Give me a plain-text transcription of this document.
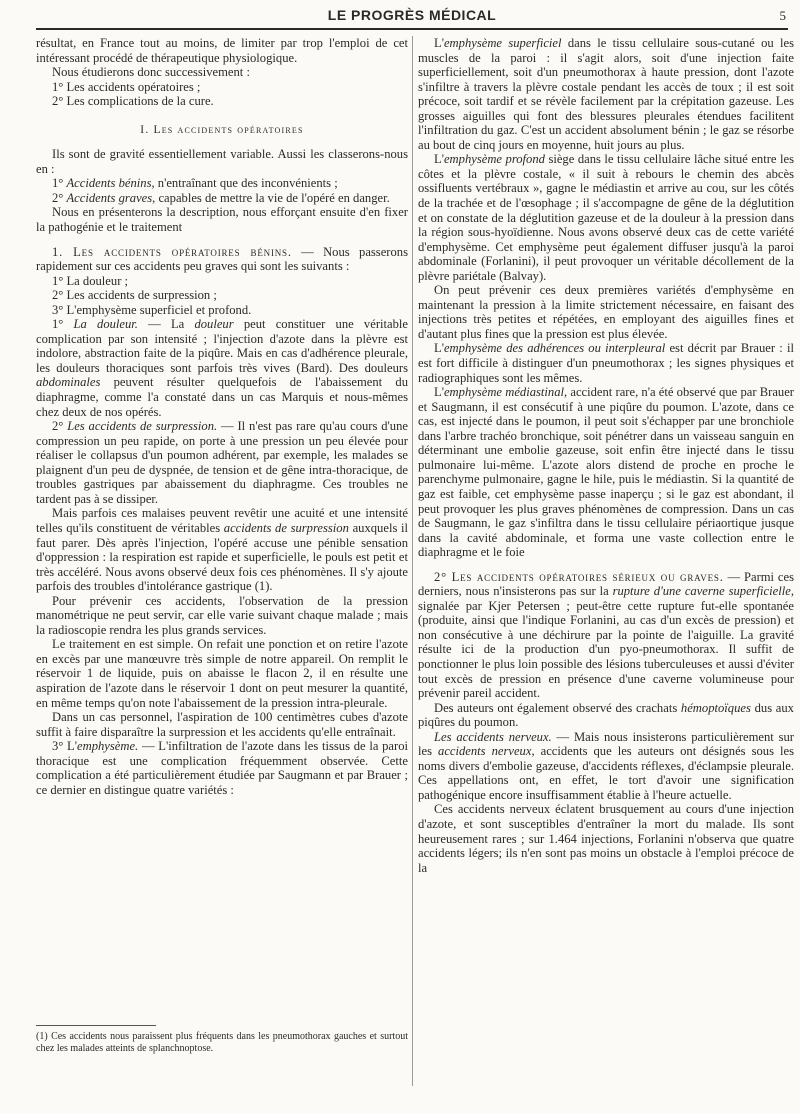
LE PROGRÈS MÉDICAL	5

résultat, en France tout au moins, de limiter par trop l'emploi de cet intéressant procédé de thérapeutique physiologique.

Nous étudierons donc successivement :

1° Les accidents opératoires ;

2° Les complications de la cure.

I. Les accidents opératoires

Ils sont de gravité essentiellement variable. Aussi les classerons-nous en :

1° Accidents bénins, n'entraînant que des inconvénients ;

2° Accidents graves, capables de mettre la vie de l'opéré en danger.

Nous en présenterons la description, nous efforçant ensuite d'en fixer la pathogénie et le traitement

1. Les accidents opératoires bénins. — Nous passerons rapidement sur ces accidents peu graves qui sont les suivants :

1° La douleur ;

2° Les accidents de surpression ;

3° L'emphysème superficiel et profond.

1° La douleur. — La douleur peut constituer une véritable complication par son intensité ; l'injection d'azote dans la plèvre est indolore, abstraction faite de la piqûre. Mais en cas d'adhérence pleurale, les douleurs thoraciques sont parfois très vives (Bard). Des douleurs abdominales peuvent résulter quelquefois de l'abaissement du diaphragme, comme l'a constaté dans un cas Marquis et nous-mêmes chez deux de nos opérés.

2° Les accidents de surpression. — Il n'est pas rare qu'au cours d'une compression un peu rapide, on porte à une pression un peu élevée pour réaliser le collapsus d'un poumon adhérent, par exemple, les malades se plaignent d'un peu de dyspnée, de tension et de gêne intra-thoracique, de troubles gastriques par abaissement du diaphragme. Ces troubles ne tardent pas à se dissiper.

Mais parfois ces malaises peuvent revêtir une acuité et une intensité telles qu'ils constituent de véritables accidents de surpression auxquels il faut parer. Dès après l'injection, l'opéré accuse une pénible sensation d'oppression : la respiration est rapide et superficielle, le pouls est petit et très accéléré. Nous avons observé deux fois ces phénomènes. Il s'y ajoute parfois des troubles d'intolérance gastrique (1).

Pour prévenir ces accidents, l'observation de la pression manométrique ne peut servir, car elle varie suivant chaque malade ; mais la radioscopie rendra les plus grands services.

Le traitement en est simple. On refait une ponction et on retire l'azote en excès par une manœuvre très simple de notre appareil. On remplit le réservoir 1 de liquide, puis on abaisse le flacon 2, il en résulte une aspiration de l'azote dans le réservoir 1 dont on peut mesurer la quantité, en même temps qu'on note l'abaissement de la pression intra-pleurale.

Dans un cas personnel, l'aspiration de 100 centimètres cubes d'azote suffit à faire disparaître la surpression et les accidents qu'elle entraînait.

3° L'emphysème. — L'infiltration de l'azote dans les tissus de la paroi thoracique est une complication fréquemment observée. Cette complication a été particulièrement étudiée par Saugmann et par Brauer ; ce dernier en distingue quatre variétés :

(1) Ces accidents nous paraissent plus fréquents dans les pneumothorax gauches et surtout chez les malades atteints de splanchnoptose.

L'emphysème superficiel dans le tissu cellulaire sous-cutané ou les muscles de la paroi : il s'agit alors, soit d'une injection faite superficiellement, soit d'un pneumothorax à haute pression, dont l'azote s'infiltre à travers la plèvre costale pendant les accès de toux ; il est soit précoce, soit tardif et se révèle facilement par la crépitation gazeuse. Les grosses aiguilles qui font des blessures pleurales étendues facilitent l'infiltration du gaz. C'est un accident absolument bénin ; le gaz se résorbe au bout de cinq jours en moyenne, huit jours au plus.

L'emphysème profond siège dans le tissu cellulaire lâche situé entre les côtes et la plèvre costale, « il suit à rebours le chemin des abcès ossifluents vertébraux », gagne le médiastin et arrive au cou, sur les côtés de la trachée et de l'œsophage ; il s'accompagne de gêne de la déglutition et on constate de la déglutition gazeuse et de la douleur à la pression dans la région sous-hyoïdienne. Nous avons observé deux cas de cette variété d'emphysème. Cet emphysème peut également diffuser jusqu'à la paroi abdominale (Forlanini), il peut provoquer un véritable décollement de la plèvre pariétale (Balvay).

On peut prévenir ces deux premières variétés d'emphysème en maintenant la pression à la limite strictement nécessaire, en faisant des injections très petites et répétées, en employant des aiguilles fines et d'autant plus fines que la pression est plus élevée.

L'emphysème des adhérences ou interpleural est décrit par Brauer : il est fort difficile à distinguer d'un pneumothorax ; les signes physiques et radiographiques sont les mêmes.

L'emphysème médiastinal, accident rare, n'a été observé que par Brauer et Saugmann, il est consécutif à une piqûre du poumon. L'azote, dans ce cas, est injecté dans le poumon, il peut soit s'échapper par une bronchiole dans l'arbre trachéo bronchique, soit pénétrer dans un vaisseau sanguin en déterminant une embolie gazeuse, soit enfin être injecté dans le tissu pulmonaire lui-même. L'azote alors distend de proche en proche le parenchyme pulmonaire, gagne le hile, puis le médiastin. Si la quantité de gaz est faible, cet emphysème passe inaperçu ; si le gaz est abondant, il peut provoquer les plus graves phénomènes de compression. Dans un cas de Saugmann, le gaz s'infiltra dans le tissu cellulaire périaortique jusque dans la cavité abdominale, et forma une vaste collection entre le diaphragme et le foie

2° Les accidents opératoires sérieux ou graves. — Parmi ces derniers, nous n'insisterons pas sur la rupture d'une caverne superficielle, signalée par Kjer Petersen ; peut-être cette rupture fut-elle spontanée (produite, ainsi que l'indique Forlanini, au cas d'un excès de pression) et non consécutive à une déchirure par la pointe de l'aiguille. La gravité résulte ici de la production d'un pyo-pneumothorax. Il suffit de ponctionner le plus loin possible des lésions tuberculeuses et aussi d'éviter tout excès de pression en présence d'une caverne volumineuse pour prévenir pareil accident.

Des auteurs ont également observé des crachats hémoptoïques dus aux piqûres du poumon.

Les accidents nerveux. — Mais nous insisterons particulièrement sur les accidents nerveux, accidents que les auteurs ont désignés sous les noms divers d'embolie gazeuse, d'accidents réflexes, d'éclampsie pleurale. Ces appellations ont, en effet, le tort d'avoir une signification pathogénique encore insuffisamment établie à l'heure actuelle.

Ces accidents nerveux éclatent brusquement au cours d'une injection d'azote, et sont susceptibles d'entraîner la mort du malade. Ils sont heureusement rares ; sur 1.464 injections, Forlanini n'observa que quatre accidents légers; ils n'en sont pas moins un obstacle à l'emploi précoce de la
